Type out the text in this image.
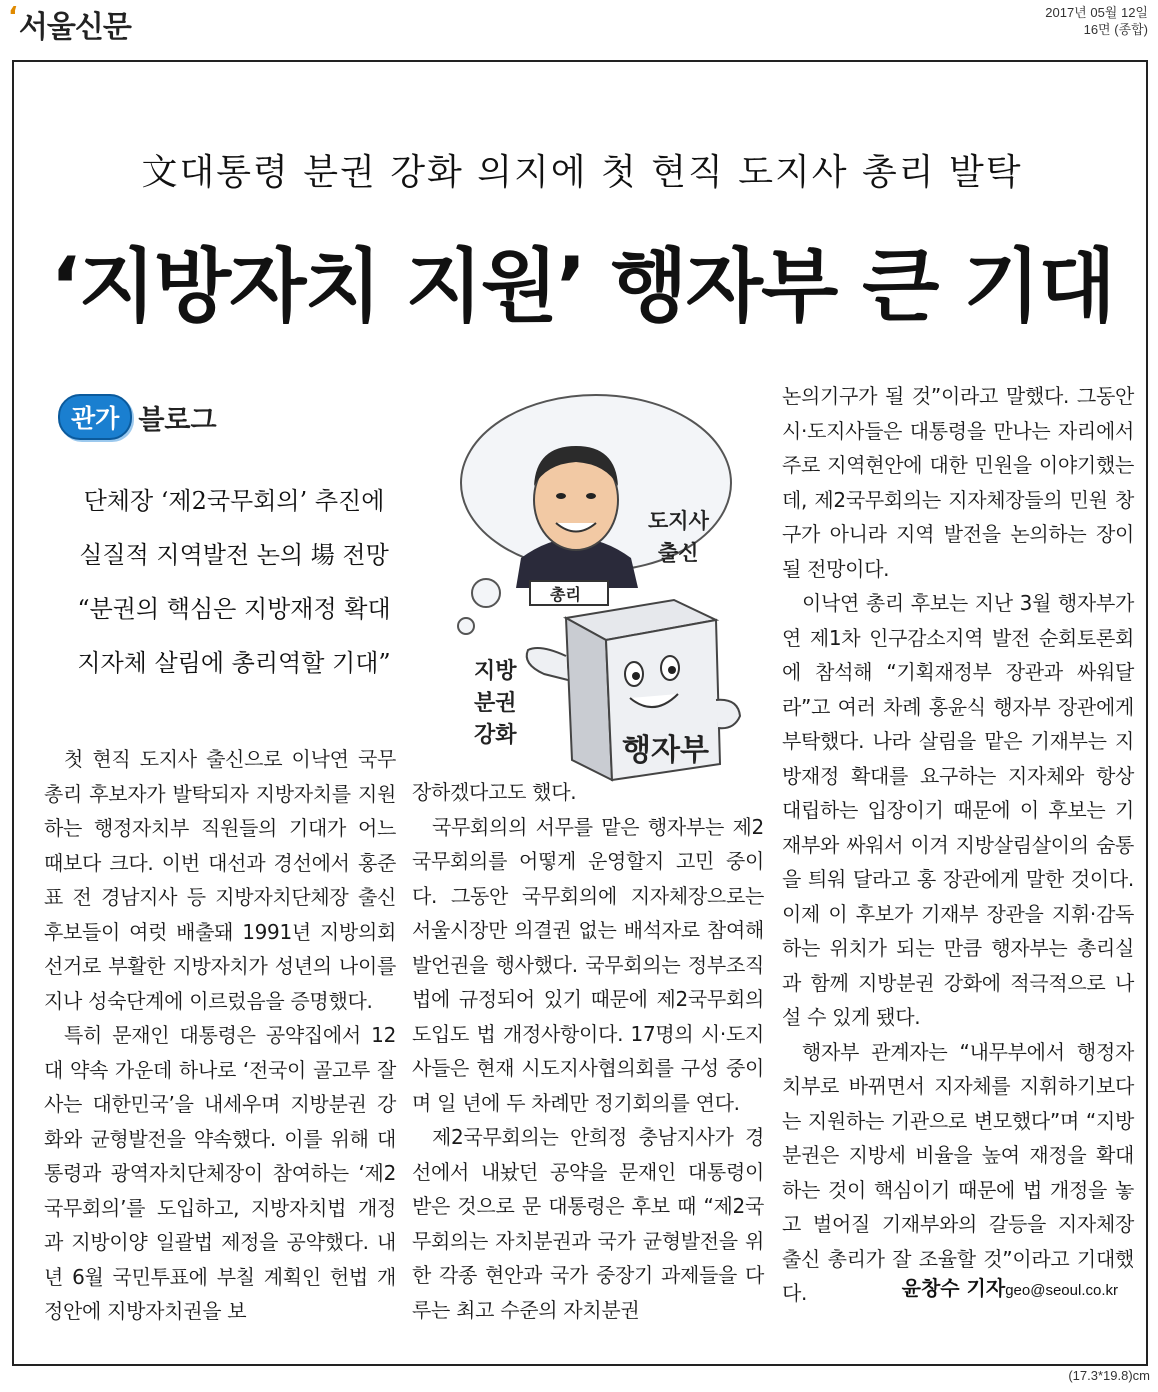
ʻ서울신문	2017년 05월 12일
16면 (종합)
文대통령 분권 강화 의지에 첫 현직 도지사 총리 발탁
‘지방자치 지원’ 행자부 큰 기대
관가 블로그
단체장 ‘제2국무회의’ 추진에
실질적 지역발전 논의 場 전망
“분권의 핵심은 지방재정 확대
지자체 살림에 총리역할 기대”
도지사
출신
총리
행자부
지방
분권
강화

첫 현직 도지사 출신으로 이낙연 국무총리 후보자가 발탁되자 지방자치를 지원하는 행정자치부 직원들의 기대가 어느 때보다 크다. 이번 대선과 경선에서 홍준표 전 경남지사 등 지방자치단체장 출신 후보들이 여럿 배출돼 1991년 지방의회 선거로 부활한 지방자치가 성년의 나이를 지나 성숙단계에 이르렀음을 증명했다.

특히 문재인 대통령은 공약집에서 12대 약속 가운데 하나로 ‘전국이 골고루 잘사는 대한민국’을 내세우며 지방분권 강화와 균형발전을 약속했다. 이를 위해 대통령과 광역자치단체장이 참여하는 ‘제2국무회의’를 도입하고, 지방자치법 개정과 지방이양 일괄법 제정을 공약했다. 내년 6월 국민투표에 부칠 계획인 헌법 개정안에 지방자치권을 보

장하겠다고도 했다.

국무회의의 서무를 맡은 행자부는 제2국무회의를 어떻게 운영할지 고민 중이다. 그동안 국무회의에 지자체장으로는 서울시장만 의결권 없는 배석자로 참여해 발언권을 행사했다. 국무회의는 정부조직법에 규정되어 있기 때문에 제2국무회의 도입도 법 개정사항이다. 17명의 시·도지사들은 현재 시도지사협의회를 구성 중이며 일 년에 두 차례만 정기회의를 연다.

제2국무회의는 안희정 충남지사가 경선에서 내놨던 공약을 문재인 대통령이 받은 것으로 문 대통령은 후보 때 “제2국무회의는 자치분권과 국가 균형발전을 위한 각종 현안과 국가 중장기 과제들을 다루는 최고 수준의 자치분권

논의기구가 될 것”이라고 말했다. 그동안 시·도지사들은 대통령을 만나는 자리에서 주로 지역현안에 대한 민원을 이야기했는데, 제2국무회의는 지자체장들의 민원 창구가 아니라 지역 발전을 논의하는 장이 될 전망이다.

이낙연 총리 후보는 지난 3월 행자부가 연 제1차 인구감소지역 발전 순회토론회에 참석해 “기획재정부 장관과 싸워달라”고 여러 차례 홍윤식 행자부 장관에게 부탁했다. 나라 살림을 맡은 기재부는 지방재정 확대를 요구하는 지자체와 항상 대립하는 입장이기 때문에 이 후보는 기재부와 싸워서 이겨 지방살림살이의 숨통을 틔워 달라고 홍 장관에게 말한 것이다. 이제 이 후보가 기재부 장관을 지휘·감독하는 위치가 되는 만큼 행자부는 총리실과 함께 지방분권 강화에 적극적으로 나설 수 있게 됐다.

행자부 관계자는 “내무부에서 행정자치부로 바뀌면서 지자체를 지휘하기보다는 지원하는 기관으로 변모했다”며 “지방분권은 지방세 비율을 높여 재정을 확대하는 것이 핵심이기 때문에 법 개정을 놓고 벌어질 기재부와의 갈등을 지자체장 출신 총리가 잘 조율할 것”이라고 기대했다.	윤창수 기자geo@seoul.co.kr
(17.3*19.8)cm
